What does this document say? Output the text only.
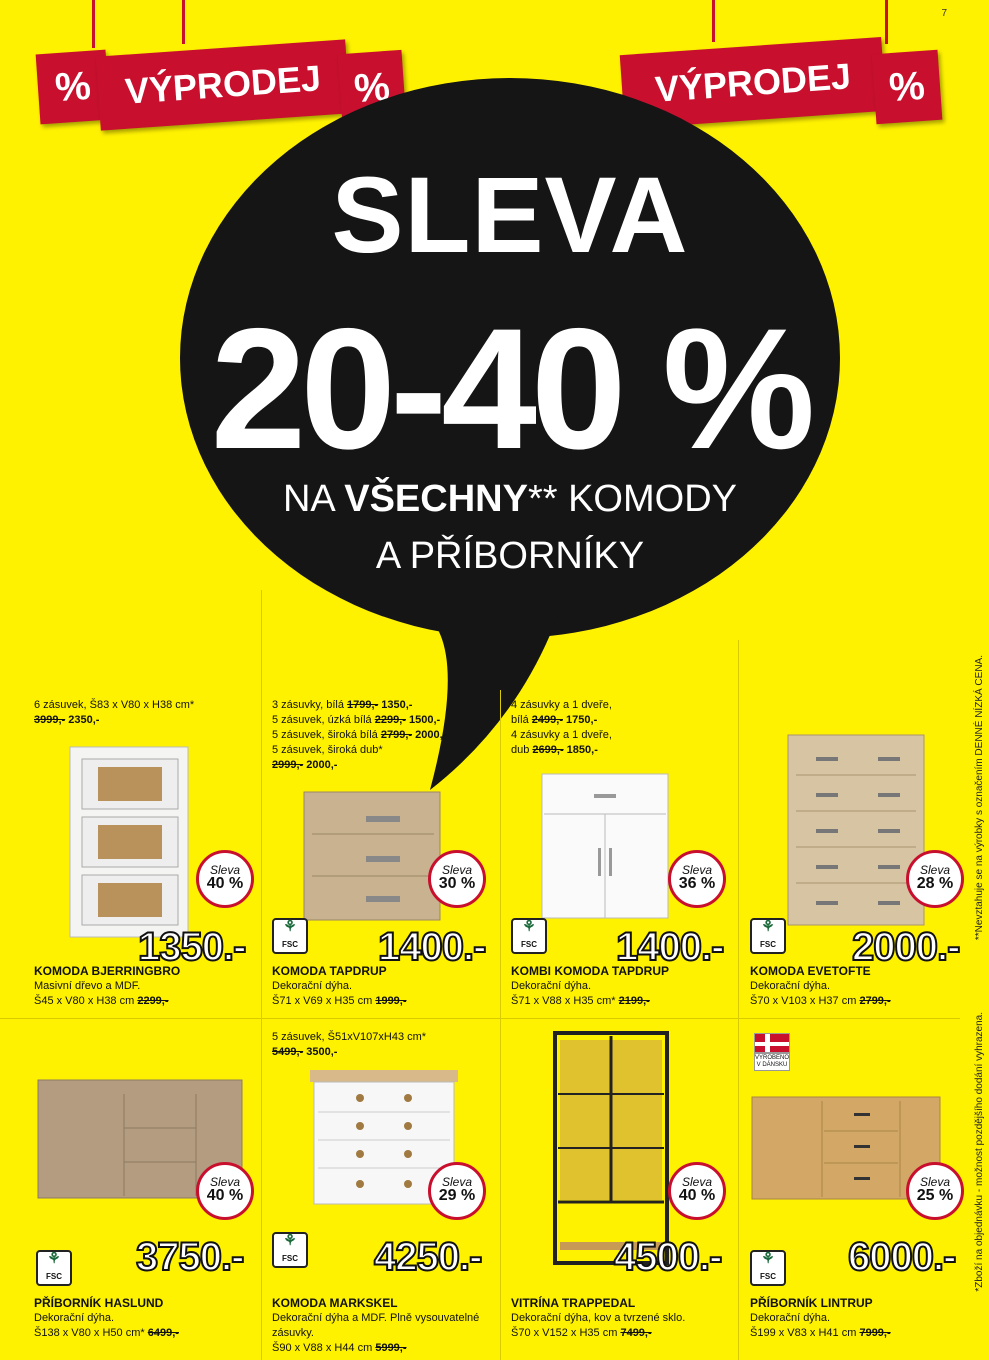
7
% VÝPRODEJ %	VÝPRODEJ %
SLEVA
20-40 %
NA VŠECHNY** KOMODY
A PŘÍBORNÍKY
**Nevztahuje se na výrobky s označením DENNÉ NÍZKÁ CENA.
*Zboží na objednávku - možnost pozdějšího dodání vyhrazena.
VYROBENO V DÁNSKU
6 zásuvek, Š83 x V80 x H38 cm*
3999,- 2350,-
Sleva
40 %
1350.-
KOMODA BJERRINGBRO
Masivní dřevo a MDF.
Š45 x V80 x H38 cm 2299,-
3 zásuvky, bílá 1799,- 1350,-
5 zásuvek, úzká bílá 2299,- 1500,-
5 zásuvek, široká bílá 2799,- 2000,-
5 zásuvek, široká dub*
2999,- 2000,-
Sleva
30 %
1400.-
⚘ FSC
KOMODA TAPDRUP
Dekorační dýha.
Š71 x V69 x H35 cm 1999,-
4 zásuvky a 1 dveře,
bílá 2499,- 1750,-
4 zásuvky a 1 dveře,
dub 2699,- 1850,-
Sleva
36 %
1400.-
⚘ FSC
KOMBI KOMODA TAPDRUP
Dekorační dýha.
Š71 x V88 x H35 cm* 2199,-
Sleva
28 %
2000.-
⚘ FSC
KOMODA EVETOFTE
Dekorační dýha.
Š70 x V103 x H37 cm 2799,-
Sleva
40 %
3750.-
⚘ FSC
PŘÍBORNÍK HASLUND
Dekorační dýha.
Š138 x V80 x H50 cm* 6499,-
5 zásuvek, Š51xV107xH43 cm*
5499,- 3500,-
Sleva
29 %
4250.-
⚘ FSC
KOMODA MARKSKEL
Dekorační dýha a MDF. Plně vysouvatelné zásuvky.
Š90 x V88 x H44 cm 5999,-
Sleva
40 %
4500.-
VITRÍNA TRAPPEDAL
Dekorační dýha, kov a tvrzené sklo.
Š70 x V152 x H35 cm 7499,-
Sleva
25 %
6000.-
⚘ FSC
PŘÍBORNÍK LINTRUP
Dekorační dýha.
Š199 x V83 x H41 cm 7999,-
